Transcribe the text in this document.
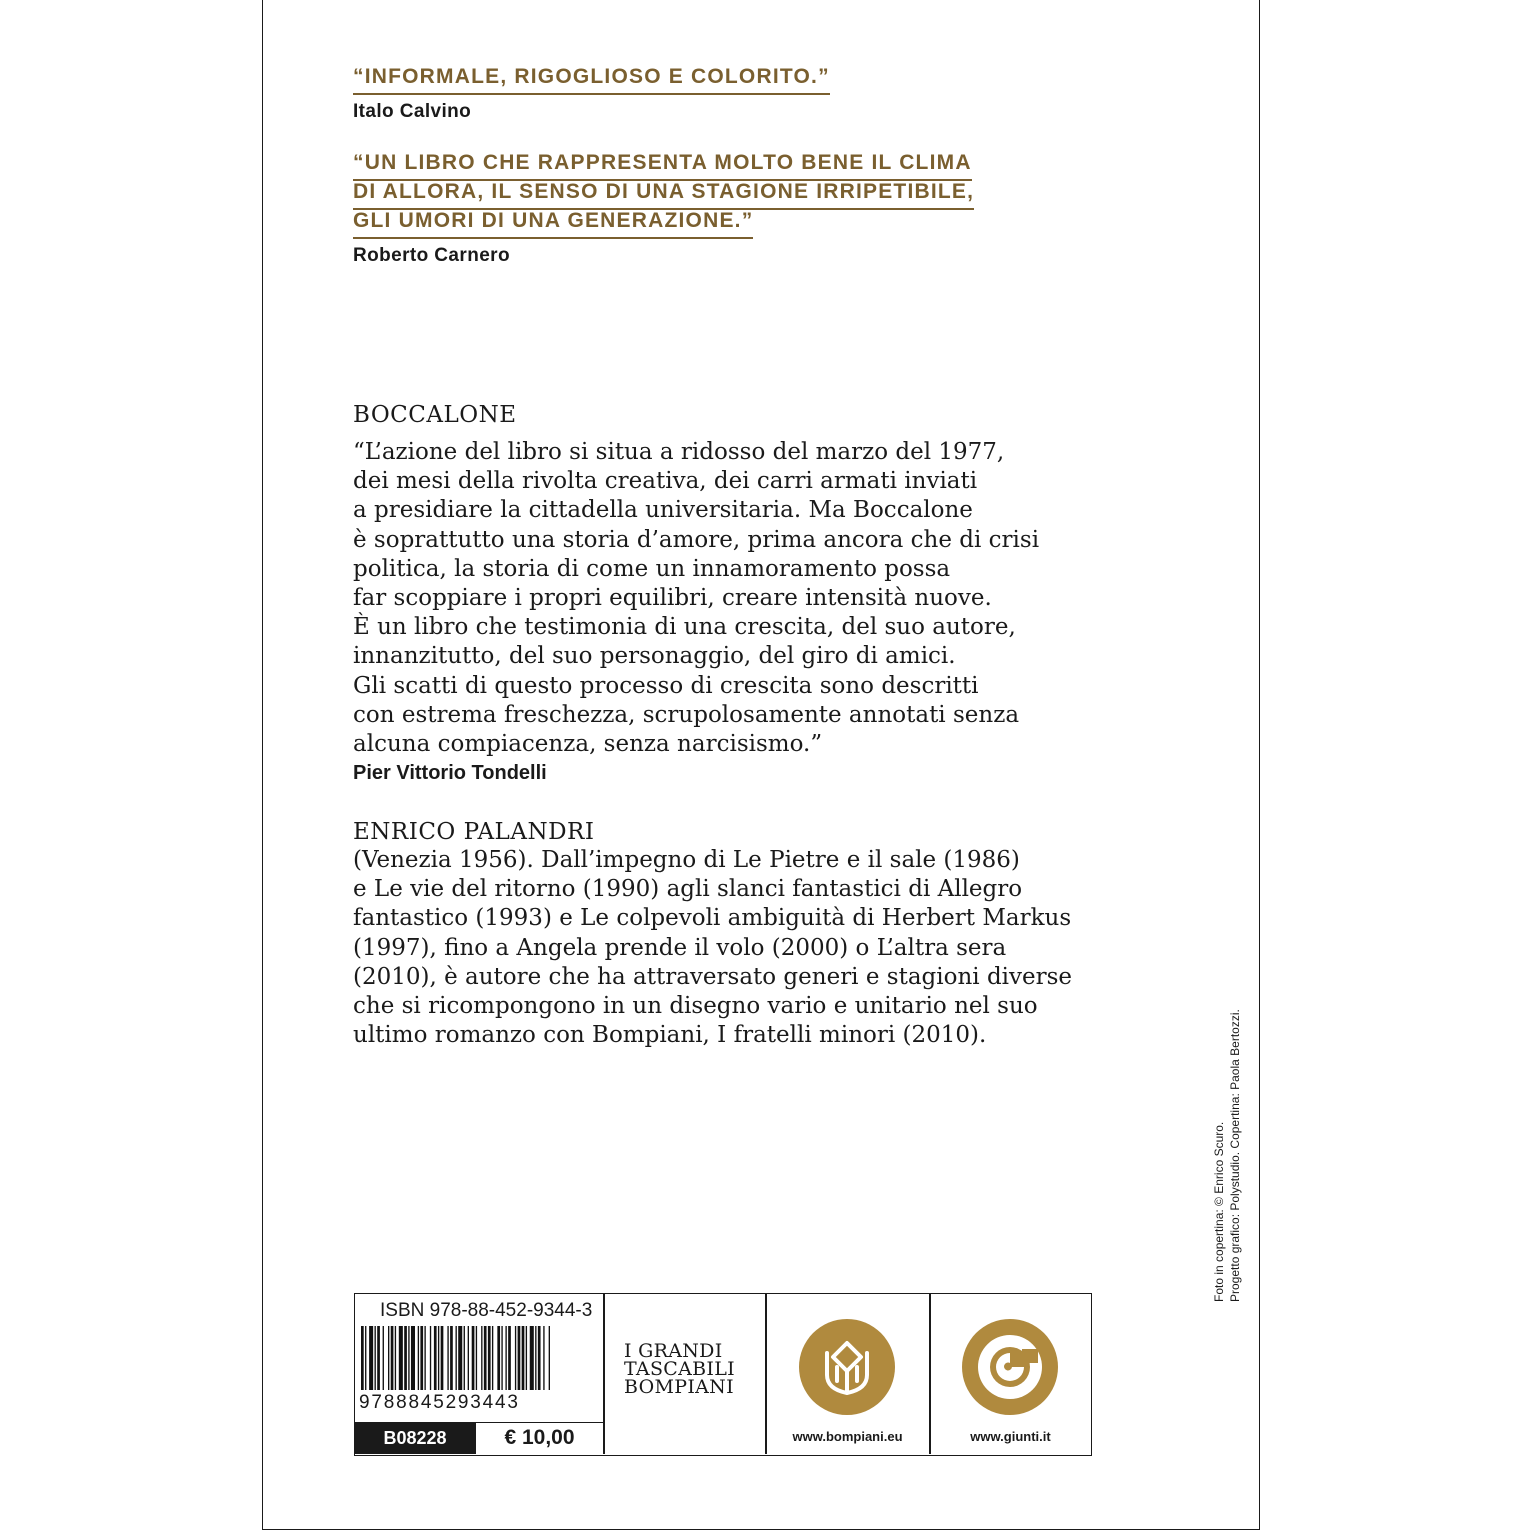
“INFORMALE, RIGOGLIOSO E COLORITO.”
Italo Calvino
“UN LIBRO CHE RAPPRESENTA MOLTO BENE IL CLIMA
DI ALLORA, IL SENSO DI UNA STAGIONE IRRIPETIBILE,
GLI UMORI DI UNA GENERAZIONE.”
Roberto Carnero
BOCCALONE
“L’azione del libro si situa a ridosso del marzo del 1977,
dei mesi della rivolta creativa, dei carri armati inviati
a presidiare la cittadella universitaria. Ma Boccalone
è soprattutto una storia d’amore, prima ancora che di crisi
politica, la storia di come un innamoramento possa
far scoppiare i propri equilibri, creare intensità nuove.
È un libro che testimonia di una crescita, del suo autore,
innanzitutto, del suo personaggio, del giro di amici.
Gli scatti di questo processo di crescita sono descritti
con estrema freschezza, scrupolosamente annotati senza
alcuna compiacenza, senza narcisismo.”
Pier Vittorio Tondelli
ENRICO PALANDRI
(Venezia 1956). Dall’impegno di Le Pietre e il sale (1986)
e Le vie del ritorno (1990) agli slanci fantastici di Allegro
fantastico (1993) e Le colpevoli ambiguità di Herbert Markus
(1997), fino a Angela prende il volo (2000) o L’altra sera
(2010), è autore che ha attraversato generi e stagioni diverse
che si ricompongono in un disegno vario e unitario nel suo
ultimo romanzo con Bompiani, I fratelli minori (2010).
Foto in copertina: © Enrico Scuro. Progetto grafico: Polystudio. Copertina: Paola Bertozzi.
ISBN 978-88-452-9344-3
9788845293443
B08228	€ 10,00
I GRANDI
TASCABILI
BOMPIANI
www.bompiani.eu	www.giunti.it
